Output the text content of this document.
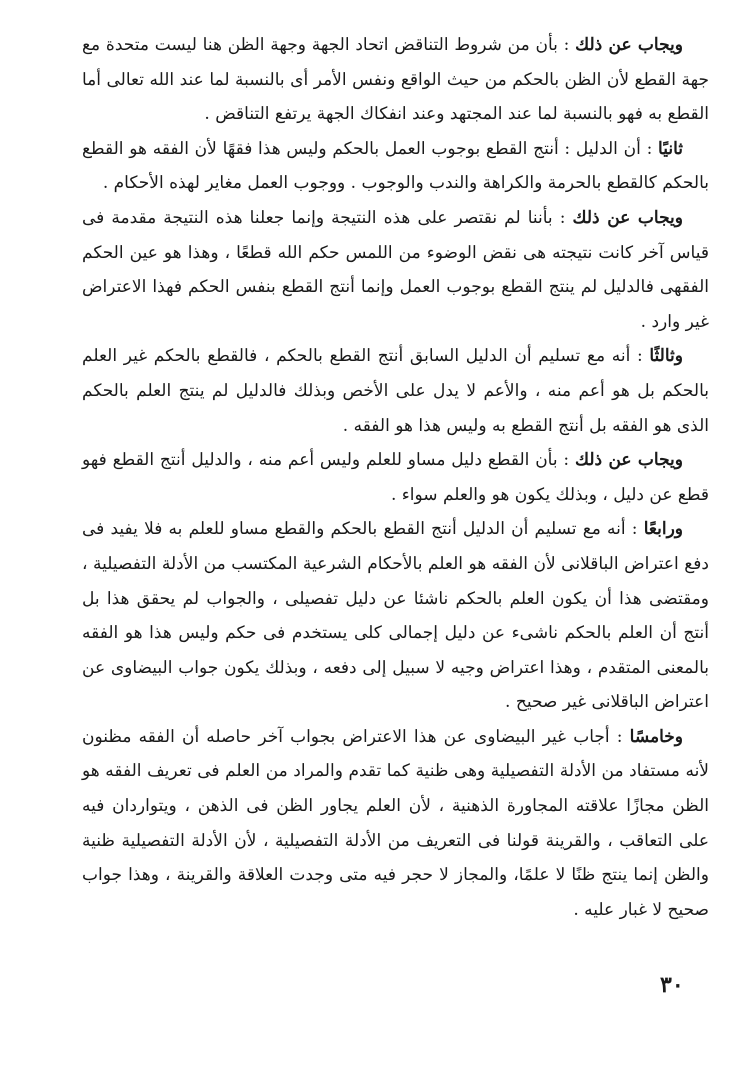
ويجاب عن ذلك : بأن من شروط التناقض اتحاد الجهة وجهة الظن هنا ليست متحدة مع جهة القطع لأن الظن بالحكم من حيث الواقع ونفس الأمر أى بالنسبة لما عند الله تعالى أما القطع به فهو بالنسبة لما عند المجتهد وعند انفكاك الجهة يرتفع التناقض .

ثانيًا : أن الدليل : أنتج القطع بوجوب العمل بالحكم وليس هذا فقهًا لأن الفقه هو القطع بالحكم كالقطع بالحرمة والكراهة والندب والوجوب . ووجوب العمل مغاير لهذه الأحكام .

ويجاب عن ذلك : بأننا لم نقتصر على هذه النتيجة وإنما جعلنا هذه النتيجة مقدمة فى قياس آخر كانت نتيجته هى نقض الوضوء من اللمس حكم الله قطعًا ، وهذا هو عين الحكم الفقهى فالدليل لم ينتج القطع بوجوب العمل وإنما أنتج القطع بنفس الحكم فهذا الاعتراض غير وارد .

وثالثًا : أنه مع تسليم أن الدليل السابق أنتج القطع بالحكم ، فالقطع بالحكم غير العلم بالحكم بل هو أعم منه ، والأعم لا يدل على الأخص وبذلك فالدليل لم ينتج العلم بالحكم الذى هو الفقه بل أنتج القطع به وليس هذا هو الفقه .

ويجاب عن ذلك : بأن القطع دليل مساو للعلم وليس أعم منه ، والدليل أنتج القطع فهو قطع عن دليل ، وبذلك يكون هو والعلم سواء .

ورابعًا : أنه مع تسليم أن الدليل أنتج القطع بالحكم والقطع مساو للعلم به فلا يفيد فى دفع اعتراض الباقلانى لأن الفقه هو العلم بالأحكام الشرعية المكتسب من الأدلة التفصيلية ، ومقتضى هذا أن يكون العلم بالحكم ناشئا عن دليل تفصيلى ، والجواب لم يحقق هذا بل أنتج أن العلم بالحكم ناشىء عن دليل إجمالى كلى يستخدم فى حكم وليس هذا هو الفقه بالمعنى المتقدم ، وهذا اعتراض وجيه لا سبيل إلى دفعه ، وبذلك يكون جواب البيضاوى عن اعتراض الباقلانى غير صحيح .

وخامسًا : أجاب غير البيضاوى عن هذا الاعتراض بجواب آخر حاصله أن الفقه مظنون لأنه مستفاد من الأدلة التفصيلية وهى ظنية كما تقدم والمراد من العلم فى تعريف الفقه هو الظن مجازًا علاقته المجاورة الذهنية ، لأن العلم يجاور الظن فى الذهن ، ويتواردان فيه على التعاقب ، والقرينة قولنا فى التعريف من الأدلة التفصيلية ، لأن الأدلة التفصيلية ظنية والظن إنما ينتج ظنًا لا علمًا، والمجاز لا حجر فيه متى وجدت العلاقة والقرينة ، وهذا جواب صحيح لا غبار عليه .

٣٠
